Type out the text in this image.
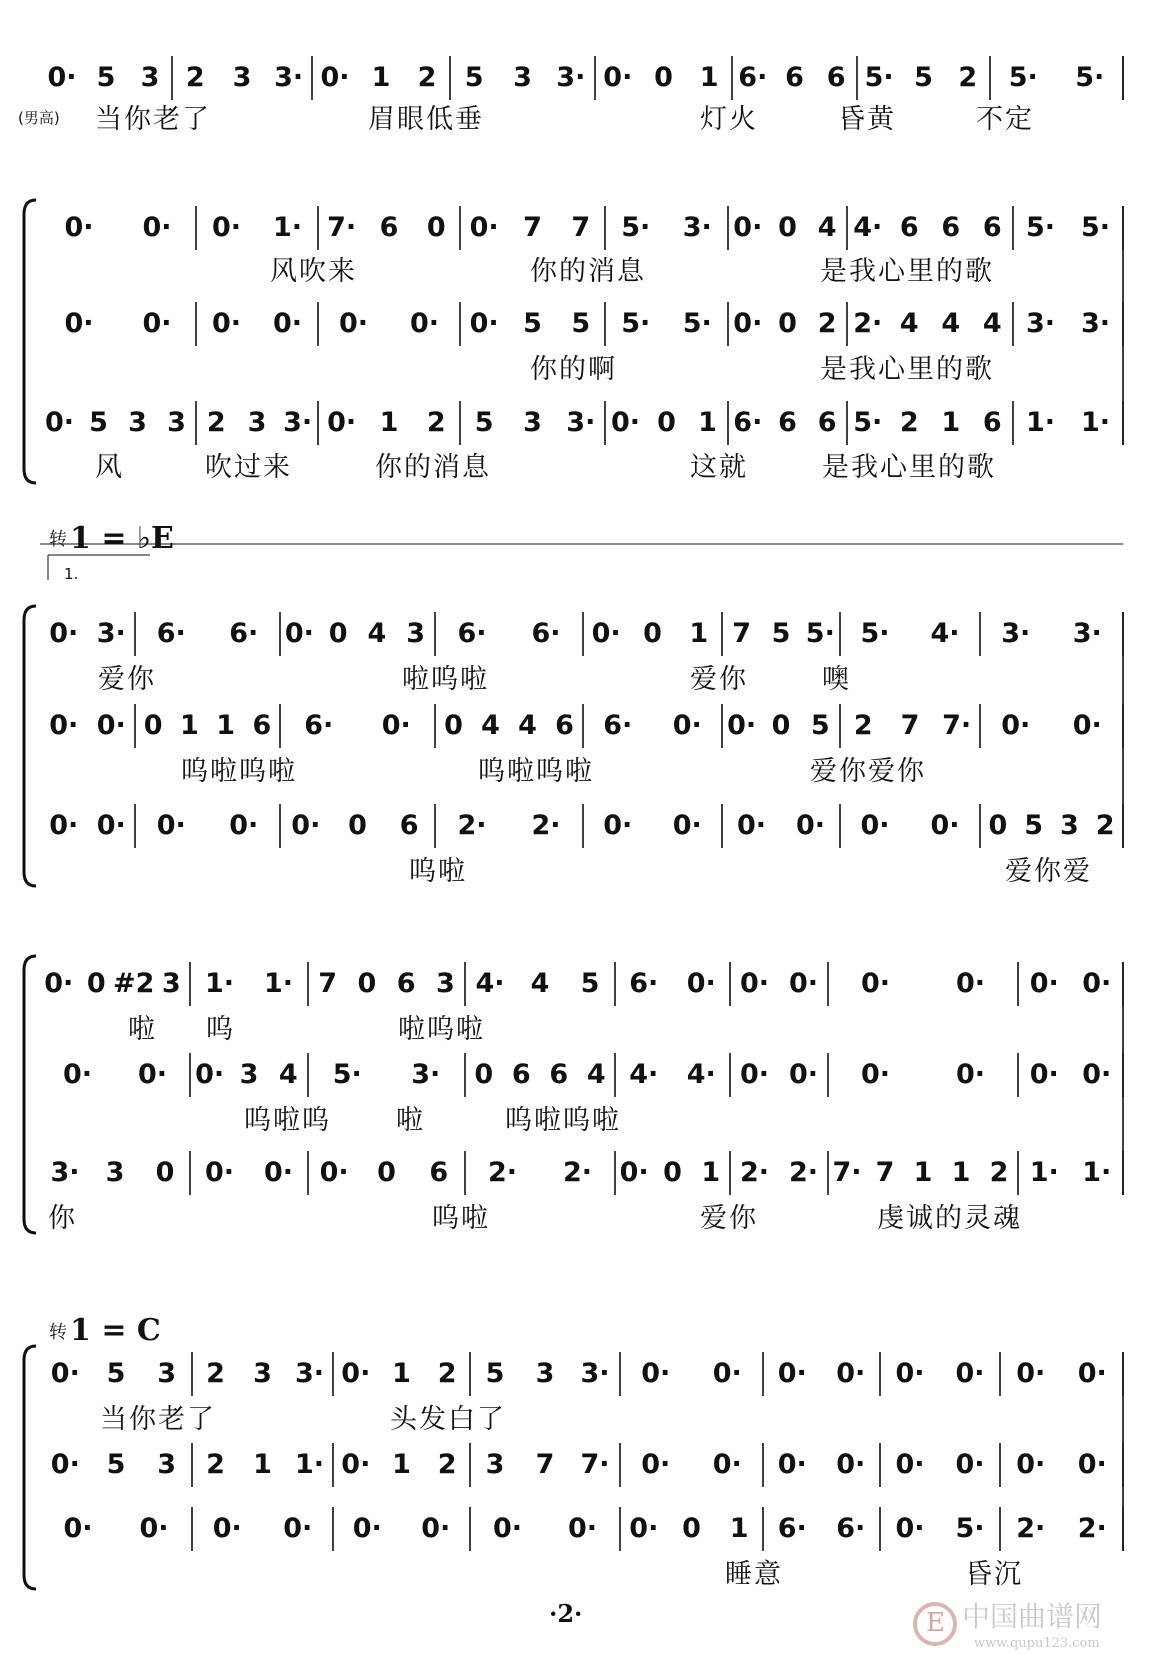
(男高)
转 1 = ♭E
1.
转 1 = C
·2·	E 中国曲谱网
www.qupu123.com
0· 5 3 2 3 3· 0· 1 2 5 3 3· 0· 0 1 6· 6 6 5· 5 2 5· 5·
当你老了	眉眼低垂	灯火	昏黄	不定
0· 0· 0· 1· 7· 6 0 0· 7 7 5· 3· 0· 0 4 4· 6 6 6 5· 5·
风吹来	你的消息	是我心里的歌
0· 0· 0· 0· 0· 0· 0· 5 5 5· 5· 0· 0 2 2· 4 4 4 3· 3·
你的啊	是我心里的歌
0· 5 3 3 2 3 3· 0· 1 2 5 3 3· 0· 0 1 6· 6 6 5· 2 1 6 1· 1·
风	吹过来	你的消息	这就	是我心里的歌
0· 3· 6· 6· 0· 0 4 3 6· 6· 0· 0 1 7 5 5· 5· 4· 3· 3·
爱你	啦呜啦	爱你	噢
0· 0· 0 1 1 6 6· 0· 0 4 4 6 6· 0· 0· 0 5 2 7 7· 0· 0·
呜啦呜啦	呜啦呜啦	爱你爱你
0· 0· 0· 0· 0· 0 6 2· 2· 0· 0· 0· 0· 0· 0· 0 5 3 2
呜啦	爱你爱
0· 0 #2 3 1· 1· 7 0 6 3 4· 4 5 6· 0· 0· 0· 0· 0· 0· 0·
啦 呜	啦呜啦
0· 0· 0· 3 4 5· 3· 0 6 6 4 4· 4· 0· 0· 0· 0· 0· 0·
呜啦呜 啦	呜啦呜啦
3· 3 0 0· 0· 0· 0 6 2· 2· 0· 0 1 2· 2· 7· 7 1 1 2 1· 1·
你	呜啦	爱你	虔诚的灵魂
0· 5 3 2 3 3· 0· 1 2 5 3 3· 0· 0· 0· 0· 0· 0· 0· 0·
当你老了	头发白了
0· 5 3 2 1 1· 0· 1 2 3 7 7· 0· 0· 0· 0· 0· 0· 0· 0·
0· 0· 0· 0· 0· 0· 0· 0· 0· 0 1 6· 6· 0· 5· 2· 2·
睡意	昏沉
